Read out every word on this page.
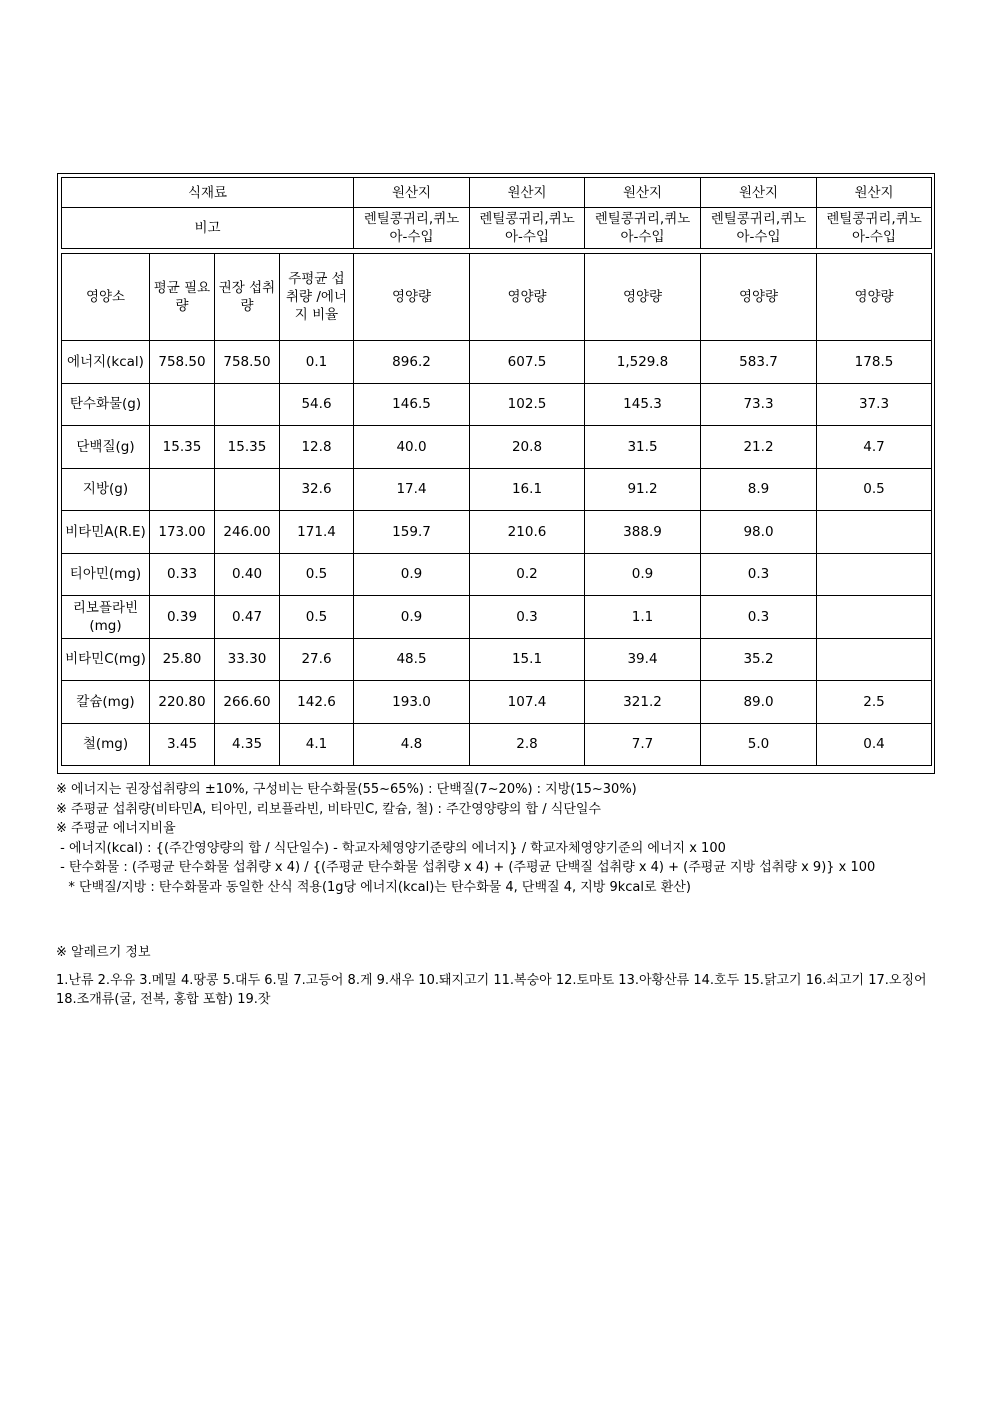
식재료	원산지	원산지	원산지	원산지	원산지
비고	렌틸콩귀리,퀴노아-수입	렌틸콩귀리,퀴노아-수입	렌틸콩귀리,퀴노아-수입	렌틸콩귀리,퀴노아-수입	렌틸콩귀리,퀴노아-수입
영양소	평균 필요량	권장 섭취량	주평균 섭취량 /에너지 비율	영양량	영양량	영양량	영양량	영양량
에너지(kcal)	758.50	758.50	0.1	896.2	607.5	1,529.8	583.7	178.5
탄수화물(g)			54.6	146.5	102.5	145.3	73.3	37.3
단백질(g)	15.35	15.35	12.8	40.0	20.8	31.5	21.2	4.7
지방(g)			32.6	17.4	16.1	91.2	8.9	0.5
비타민A(R.E)	173.00	246.00	171.4	159.7	210.6	388.9	98.0	
티아민(mg)	0.33	0.40	0.5	0.9	0.2	0.9	0.3	
리보플라빈(mg)	0.39	0.47	0.5	0.9	0.3	1.1	0.3	
비타민C(mg)	25.80	33.30	27.6	48.5	15.1	39.4	35.2	
칼슘(mg)	220.80	266.60	142.6	193.0	107.4	321.2	89.0	2.5
철(mg)	3.45	4.35	4.1	4.8	2.8	7.7	5.0	0.4
※ 에너지는 권장섭취량의 ±10%, 구성비는 탄수화물(55~65%) : 단백질(7~20%) : 지방(15~30%)
※ 주평균 섭취량(비타민A, 티아민, 리보플라빈, 비타민C, 칼슘, 철) : 주간영양량의 합 / 식단일수
※ 주평균 에너지비율
- 에너지(kcal) : {(주간영양량의 합 / 식단일수) - 학교자체영양기준량의 에너지} / 학교자체영양기준의 에너지 x 100
- 탄수화물 : (주평균 탄수화물 섭취량 x 4) / {(주평균 탄수화물 섭취량 x 4) + (주평균 단백질 섭취량 x 4) + (주평균 지방 섭취량 x 9)} x 100
* 단백질/지방 : 탄수화물과 동일한 산식 적용(1g당 에너지(kcal)는 탄수화물 4, 단백질 4, 지방 9kcal로 환산)
※ 알레르기 정보
1.난류 2.우유 3.메밀 4.땅콩 5.대두 6.밀 7.고등어 8.게 9.새우 10.돼지고기 11.복숭아 12.토마토 13.아황산류 14.호두 15.닭고기 16.쇠고기 17.오징어 18.조개류(굴, 전복, 홍합 포함) 19.잣
